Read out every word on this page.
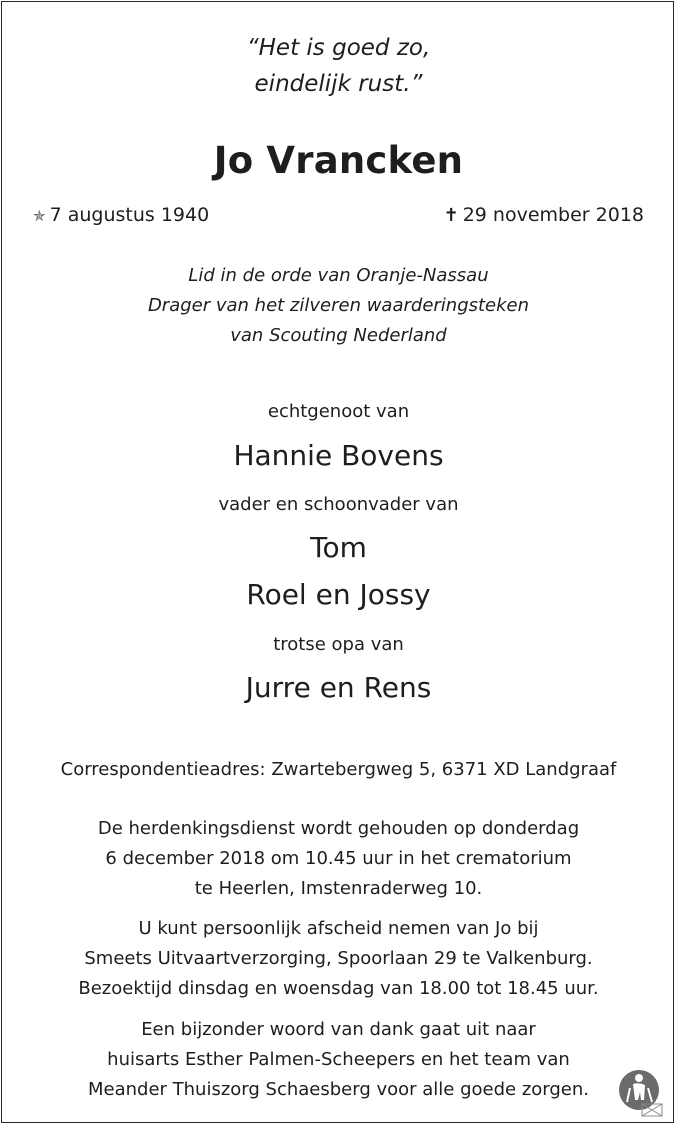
“Het is goed zo,
eindelijk rust.”
Jo Vrancken
✯ 7 augustus 1940	✝ 29 november 2018
Lid in de orde van Oranje-Nassau
Drager van het zilveren waarderingsteken
van Scouting Nederland
echtgenoot van
Hannie Bovens
vader en schoonvader van
Tom
Roel en Jossy
trotse opa van
Jurre en Rens
Correspondentieadres: Zwartebergweg 5, 6371 XD Landgraaf
De herdenkingsdienst wordt gehouden op donderdag
6 december 2018 om 10.45 uur in het crematorium
te Heerlen, Imstenraderweg 10.
U kunt persoonlijk afscheid nemen van Jo bij
Smeets Uitvaartverzorging, Spoorlaan 29 te Valkenburg.
Bezoektijd dinsdag en woensdag van 18.00 tot 18.45 uur.
Een bijzonder woord van dank gaat uit naar
huisarts Esther Palmen-Scheepers en het team van
Meander Thuiszorg Schaesberg voor alle goede zorgen.
